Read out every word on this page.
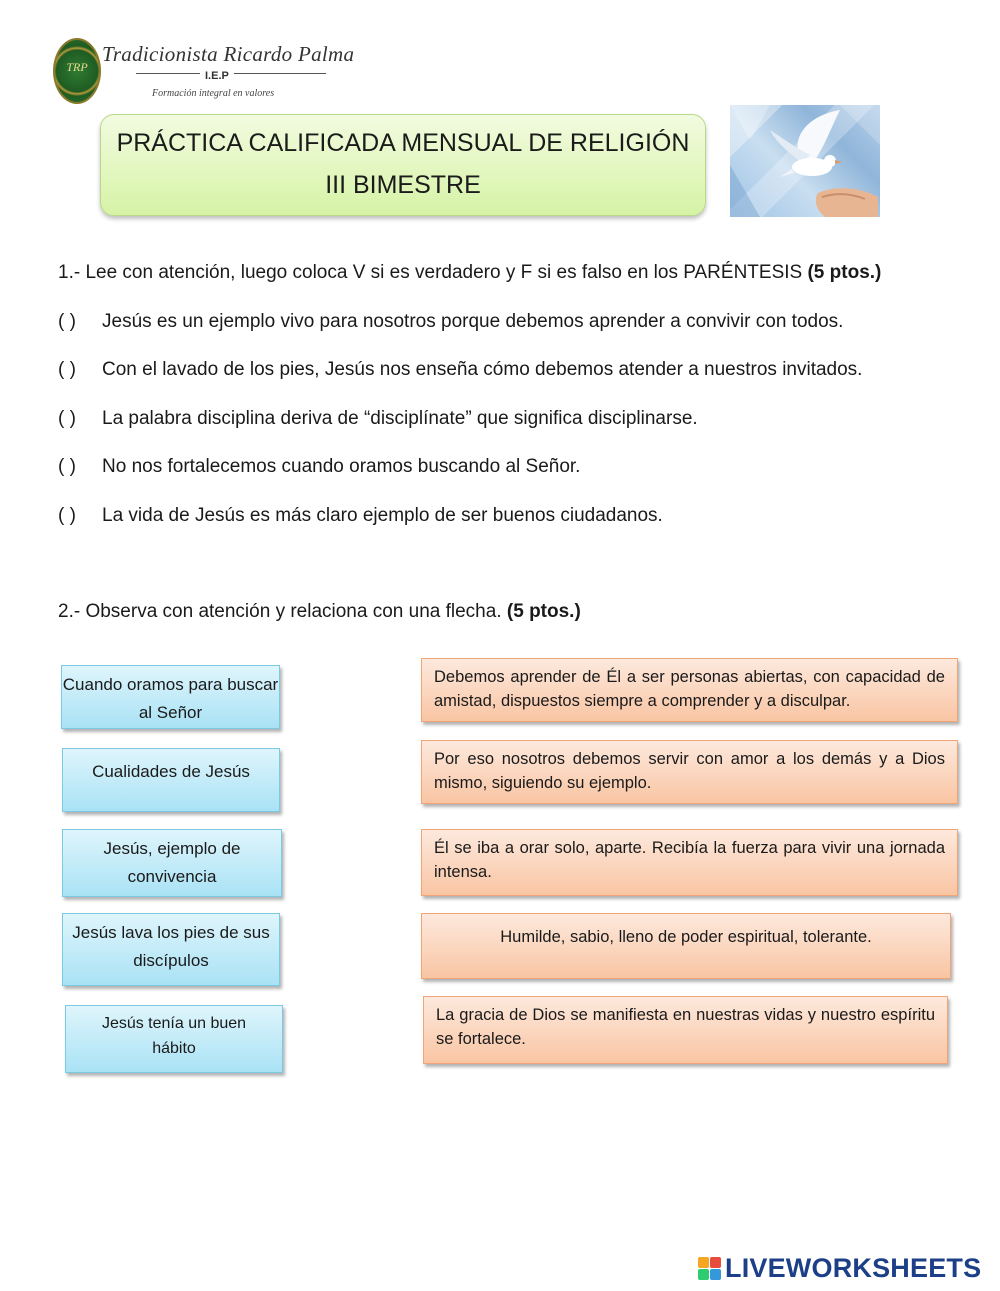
TRP
Tradicionista Ricardo Palma
I.E.P
Formación integral en valores
PRÁCTICA CALIFICADA MENSUAL DE RELIGIÓN
III BIMESTRE
1.- Lee con atención, luego coloca V si es verdadero y F si es falso en los PARÉNTESIS (5 ptos.)
( ) Jesús es un ejemplo vivo para nosotros porque debemos aprender a convivir con todos.
( ) Con el lavado de los pies, Jesús nos enseña cómo debemos atender a nuestros invitados.
( ) La palabra disciplina deriva de “disciplínate” que significa disciplinarse.
( ) No nos fortalecemos cuando oramos buscando al Señor.
( ) La vida de Jesús es más claro ejemplo de ser buenos ciudadanos.
2.- Observa con atención y relaciona con una flecha. (5 ptos.)
Cuando oramos para buscar al Señor
Cualidades de Jesús
Jesús, ejemplo de convivencia
Jesús lava los pies de sus discípulos
Jesús tenía un buen hábito
Debemos aprender de Él a ser personas abiertas, con capacidad de amistad, dispuestos siempre a comprender y a disculpar.
Por eso nosotros debemos servir con amor a los demás y a Dios mismo, siguiendo su ejemplo.
Él se iba a orar solo, aparte. Recibía la fuerza para vivir una jornada intensa.
Humilde, sabio, lleno de poder espiritual, tolerante.
La gracia de Dios se manifiesta en nuestras vidas y nuestro espíritu se fortalece.
LIVEWORKSHEETS
